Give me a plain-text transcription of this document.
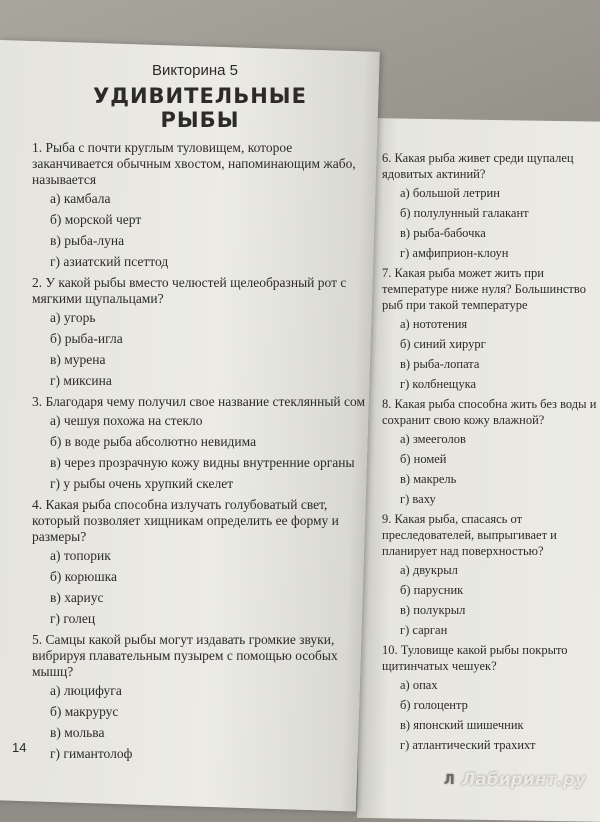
Викторина 5
УДИВИТЕЛЬНЫЕ РЫБЫ
1. Рыба с почти круглым туловищем, которое заканчивается обычным хвостом, напоминающим жабо, называется
а) камбала
б) морской черт
в) рыба-луна
г) азиатский псеттод
2. У какой рыбы вместо челюстей щелеобразный рот с мягкими щупальцами?
а) угорь
б) рыба-игла
в) мурена
г) миксина
3. Благодаря чему получил свое название стеклянный сом
а) чешуя похожа на стекло
б) в воде рыба абсолютно невидима
в) через прозрачную кожу видны внутренние органы
г) у рыбы очень хрупкий скелет
4. Какая рыба способна излучать голубоватый свет, который позволяет хищникам определить ее форму и размеры?
а) топорик
б) корюшка
в) хариус
г) голец
5. Самцы какой рыбы могут издавать громкие звуки, вибрируя плавательным пузырем с помощью особых мышц?
а) люцифуга
б) макрурус
в) мольва
г) гимантолоф
6. Какая рыба живет среди щупалец ядовитых актиний?
а) большой летрин
б) полулунный галакант
в) рыба-бабочка
г) амфиприон-клоун
7. Какая рыба может жить при температуре ниже нуля? Большинство рыб при такой температуре
а) нототения
б) синий хирург
в) рыба-лопата
г) колбнещука
8. Какая рыба способна жить без воды и сохранит свою кожу влажной?
а) змееголов
б) номей
в) макрель
г) ваху
9. Какая рыба, спасаясь от преследователей, выпрыгивает и планирует над поверхностью?
а) двукрыл
б) парусник
в) полукрыл
г) сарган
10. Туловище какой рыбы покрыто щитинчатых чешуек?
а) опах
б) голоцентр
в) японский шишечник
г) атлантический трахихт
14
Л Лабиринт.ру
